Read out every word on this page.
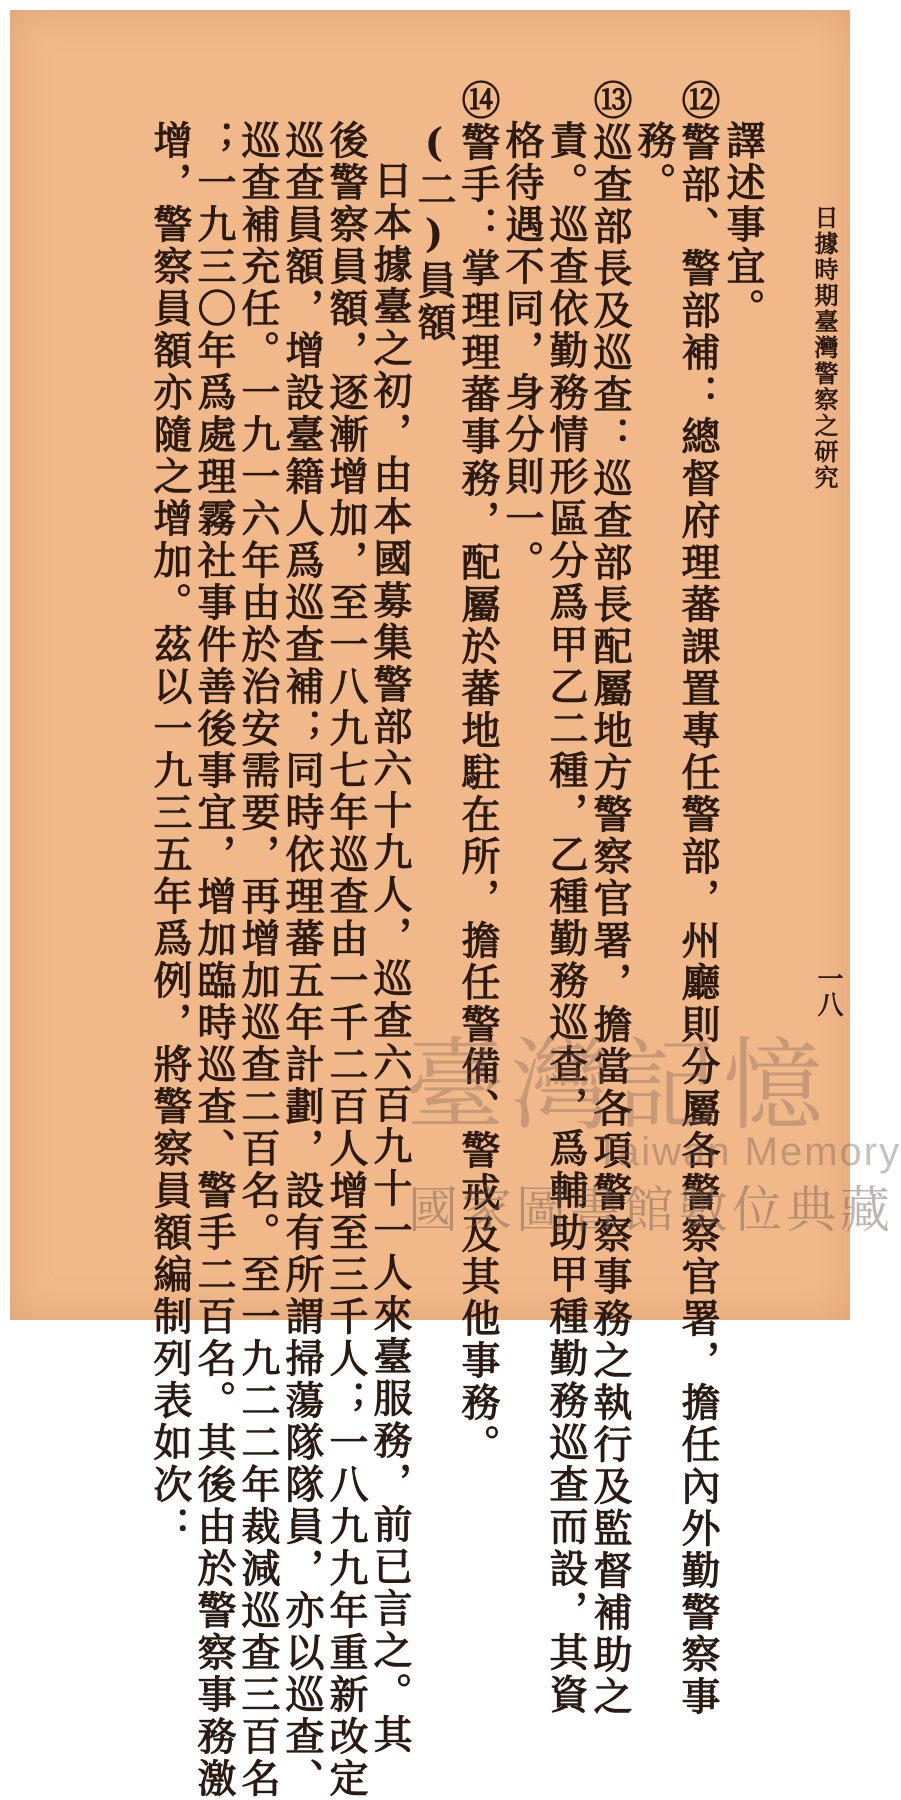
日據時期臺灣警察之研究
一八
譯述事宜。
⑫警部、警部補：總督府理蕃課置專任警部，州廳則分屬各警察官署，擔任內外勤警察事
務。
⑬巡查部長及巡查：巡查部長配屬地方警察官署，擔當各項警察事務之執行及監督補助之
責。巡查依勤務情形區分爲甲乙二種，乙種勤務巡查，爲輔助甲種勤務巡查而設，其資
格待遇不同，身分則一。
⑭警手：掌理理蕃事務，配屬於蕃地駐在所，擔任警備、警戒及其他事務。
(二)員額
日本據臺之初，由本國募集警部六十九人，巡查六百九十一人來臺服務，前已言之。其
後警察員額，逐漸增加，至一八九七年巡查由一千二百人增至三千人；一八九九年重新改定
巡查員額，增設臺籍人爲巡查補；同時依理蕃五年計劃，設有所謂掃蕩隊隊員，亦以巡查、
巡查補充任。一九一六年由於治安需要，再增加巡查二百名。至一九二二年裁減巡查三百名
；一九三〇年爲處理霧社事件善後事宜，增加臨時巡查、警手二百名。其後由於警察事務激
增，警察員額亦隨之增加。茲以一九三五年爲例，將警察員額編制列表如次： 臺灣記憶
Taiwan Memory
國家圖書館數位典藏
